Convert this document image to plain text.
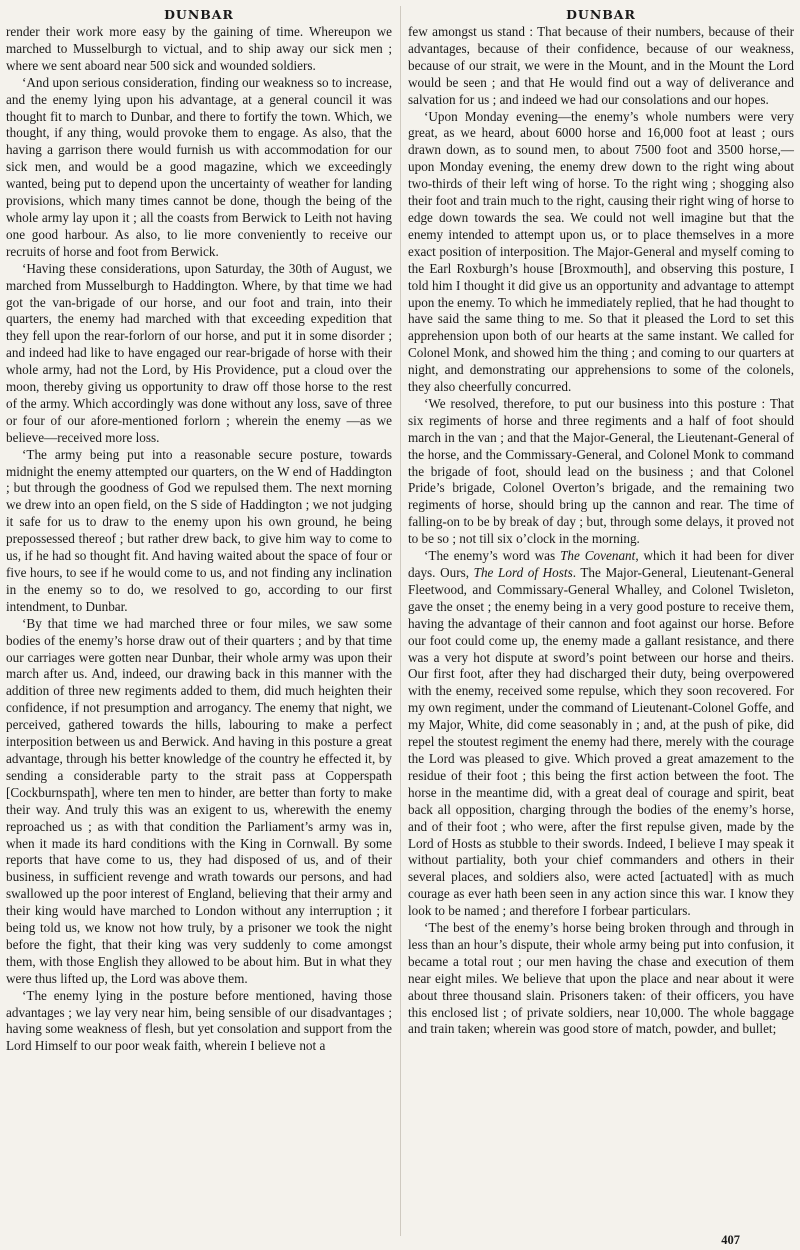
DUNBAR

render their work more easy by the gaining of time. Whereupon we marched to Musselburgh to victual, and to ship away our sick men ; where we sent aboard near 500 sick and wounded soldiers.

‘And upon serious consideration, finding our weakness so to increase, and the enemy lying upon his advantage, at a general council it was thought fit to march to Dunbar, and there to fortify the town. Which, we thought, if any thing, would provoke them to engage. As also, that the having a garrison there would furnish us with accommodation for our sick men, and would be a good magazine, which we exceedingly wanted, being put to depend upon the uncertainty of weather for landing provisions, which many times cannot be done, though the being of the whole army lay upon it ; all the coasts from Berwick to Leith not having one good harbour. As also, to lie more conveniently to receive our recruits of horse and foot from Berwick.

‘Having these considerations, upon Saturday, the 30th of August, we marched from Musselburgh to Haddington. Where, by that time we had got the van-brigade of our horse, and our foot and train, into their quarters, the enemy had marched with that exceeding expedition that they fell upon the rear-forlorn of our horse, and put it in some disorder ; and indeed had like to have engaged our rear-brigade of horse with their whole army, had not the Lord, by His Providence, put a cloud over the moon, thereby giving us opportunity to draw off those horse to the rest of the army. Which accordingly was done without any loss, save of three or four of our afore-mentioned forlorn ; wherein the enemy —as we believe—received more loss.

‘The army being put into a reasonable secure posture, towards midnight the enemy attempted our quarters, on the W end of Haddington ; but through the goodness of God we repulsed them. The next morning we drew into an open field, on the S side of Haddington ; we not judging it safe for us to draw to the enemy upon his own ground, he being prepossessed thereof ; but rather drew back, to give him way to come to us, if he had so thought fit. And having waited about the space of four or five hours, to see if he would come to us, and not finding any inclination in the enemy so to do, we resolved to go, according to our first intendment, to Dunbar.

‘By that time we had marched three or four miles, we saw some bodies of the enemy’s horse draw out of their quarters ; and by that time our carriages were gotten near Dunbar, their whole army was upon their march after us. And, indeed, our drawing back in this manner with the addition of three new regiments added to them, did much heighten their confidence, if not presumption and arrogancy. The enemy that night, we perceived, gathered towards the hills, labouring to make a perfect interposition between us and Berwick. And having in this posture a great advantage, through his better knowledge of the country he effected it, by sending a considerable party to the strait pass at Copperspath [Cockburnspath], where ten men to hinder, are better than forty to make their way. And truly this was an exigent to us, wherewith the enemy reproached us ; as with that condition the Parliament’s army was in, when it made its hard conditions with the King in Cornwall. By some reports that have come to us, they had disposed of us, and of their business, in sufficient revenge and wrath towards our persons, and had swallowed up the poor interest of England, believing that their army and their king would have marched to London without any interruption ; it being told us, we know not how truly, by a prisoner we took the night before the fight, that their king was very suddenly to come amongst them, with those English they allowed to be about him. But in what they were thus lifted up, the Lord was above them.

‘The enemy lying in the posture before mentioned, having those advantages ; we lay very near him, being sensible of our disadvantages ; having some weakness of flesh, but yet consolation and support from the Lord Himself to our poor weak faith, wherein I believe not a

DUNBAR

few amongst us stand : That because of their numbers, because of their advantages, because of their confidence, because of our weakness, because of our strait, we were in the Mount, and in the Mount the Lord would be seen ; and that He would find out a way of deliverance and salvation for us ; and indeed we had our consolations and our hopes.

‘Upon Monday evening—the enemy’s whole numbers were very great, as we heard, about 6000 horse and 16,000 foot at least ; ours drawn down, as to sound men, to about 7500 foot and 3500 horse,—upon Monday evening, the enemy drew down to the right wing about two-thirds of their left wing of horse. To the right wing ; shogging also their foot and train much to the right, causing their right wing of horse to edge down towards the sea. We could not well imagine but that the enemy intended to attempt upon us, or to place themselves in a more exact position of interposition. The Major-General and myself coming to the Earl Roxburgh’s house [Broxmouth], and observing this posture, I told him I thought it did give us an opportunity and advantage to attempt upon the enemy. To which he immediately replied, that he had thought to have said the same thing to me. So that it pleased the Lord to set this apprehension upon both of our hearts at the same instant. We called for Colonel Monk, and showed him the thing ; and coming to our quarters at night, and demonstrating our apprehensions to some of the colonels, they also cheerfully concurred.

‘We resolved, therefore, to put our business into this posture : That six regiments of horse and three regiments and a half of foot should march in the van ; and that the Major-General, the Lieutenant-General of the horse, and the Commissary-General, and Colonel Monk to command the brigade of foot, should lead on the business ; and that Colonel Pride’s brigade, Colonel Overton’s brigade, and the remaining two regiments of horse, should bring up the cannon and rear. The time of falling-on to be by break of day ; but, through some delays, it proved not to be so ; not till six o’clock in the morning.

‘The enemy’s word was The Covenant, which it had been for diver days. Ours, The Lord of Hosts. The Major-General, Lieutenant-General Fleetwood, and Commissary-General Whalley, and Colonel Twisleton, gave the onset ; the enemy being in a very good posture to receive them, having the advantage of their cannon and foot against our horse. Before our foot could come up, the enemy made a gallant resistance, and there was a very hot dispute at sword’s point between our horse and theirs. Our first foot, after they had discharged their duty, being overpowered with the enemy, received some repulse, which they soon recovered. For my own regiment, under the command of Lieutenant-Colonel Goffe, and my Major, White, did come seasonably in ; and, at the push of pike, did repel the stoutest regiment the enemy had there, merely with the courage the Lord was pleased to give. Which proved a great amazement to the residue of their foot ; this being the first action between the foot. The horse in the meantime did, with a great deal of courage and spirit, beat back all opposition, charging through the bodies of the enemy’s horse, and of their foot ; who were, after the first repulse given, made by the Lord of Hosts as stubble to their swords. Indeed, I believe I may speak it without partiality, both your chief commanders and others in their several places, and soldiers also, were acted [actuated] with as much courage as ever hath been seen in any action since this war. I know they look to be named ; and therefore I forbear particulars.

‘The best of the enemy’s horse being broken through and through in less than an hour’s dispute, their whole army being put into confusion, it became a total rout ; our men having the chase and execution of them near eight miles. We believe that upon the place and near about it were about three thousand slain. Prisoners taken: of their officers, you have this enclosed list ; of private soldiers, near 10,000. The whole baggage and train taken; wherein was good store of match, powder, and bullet;

407
